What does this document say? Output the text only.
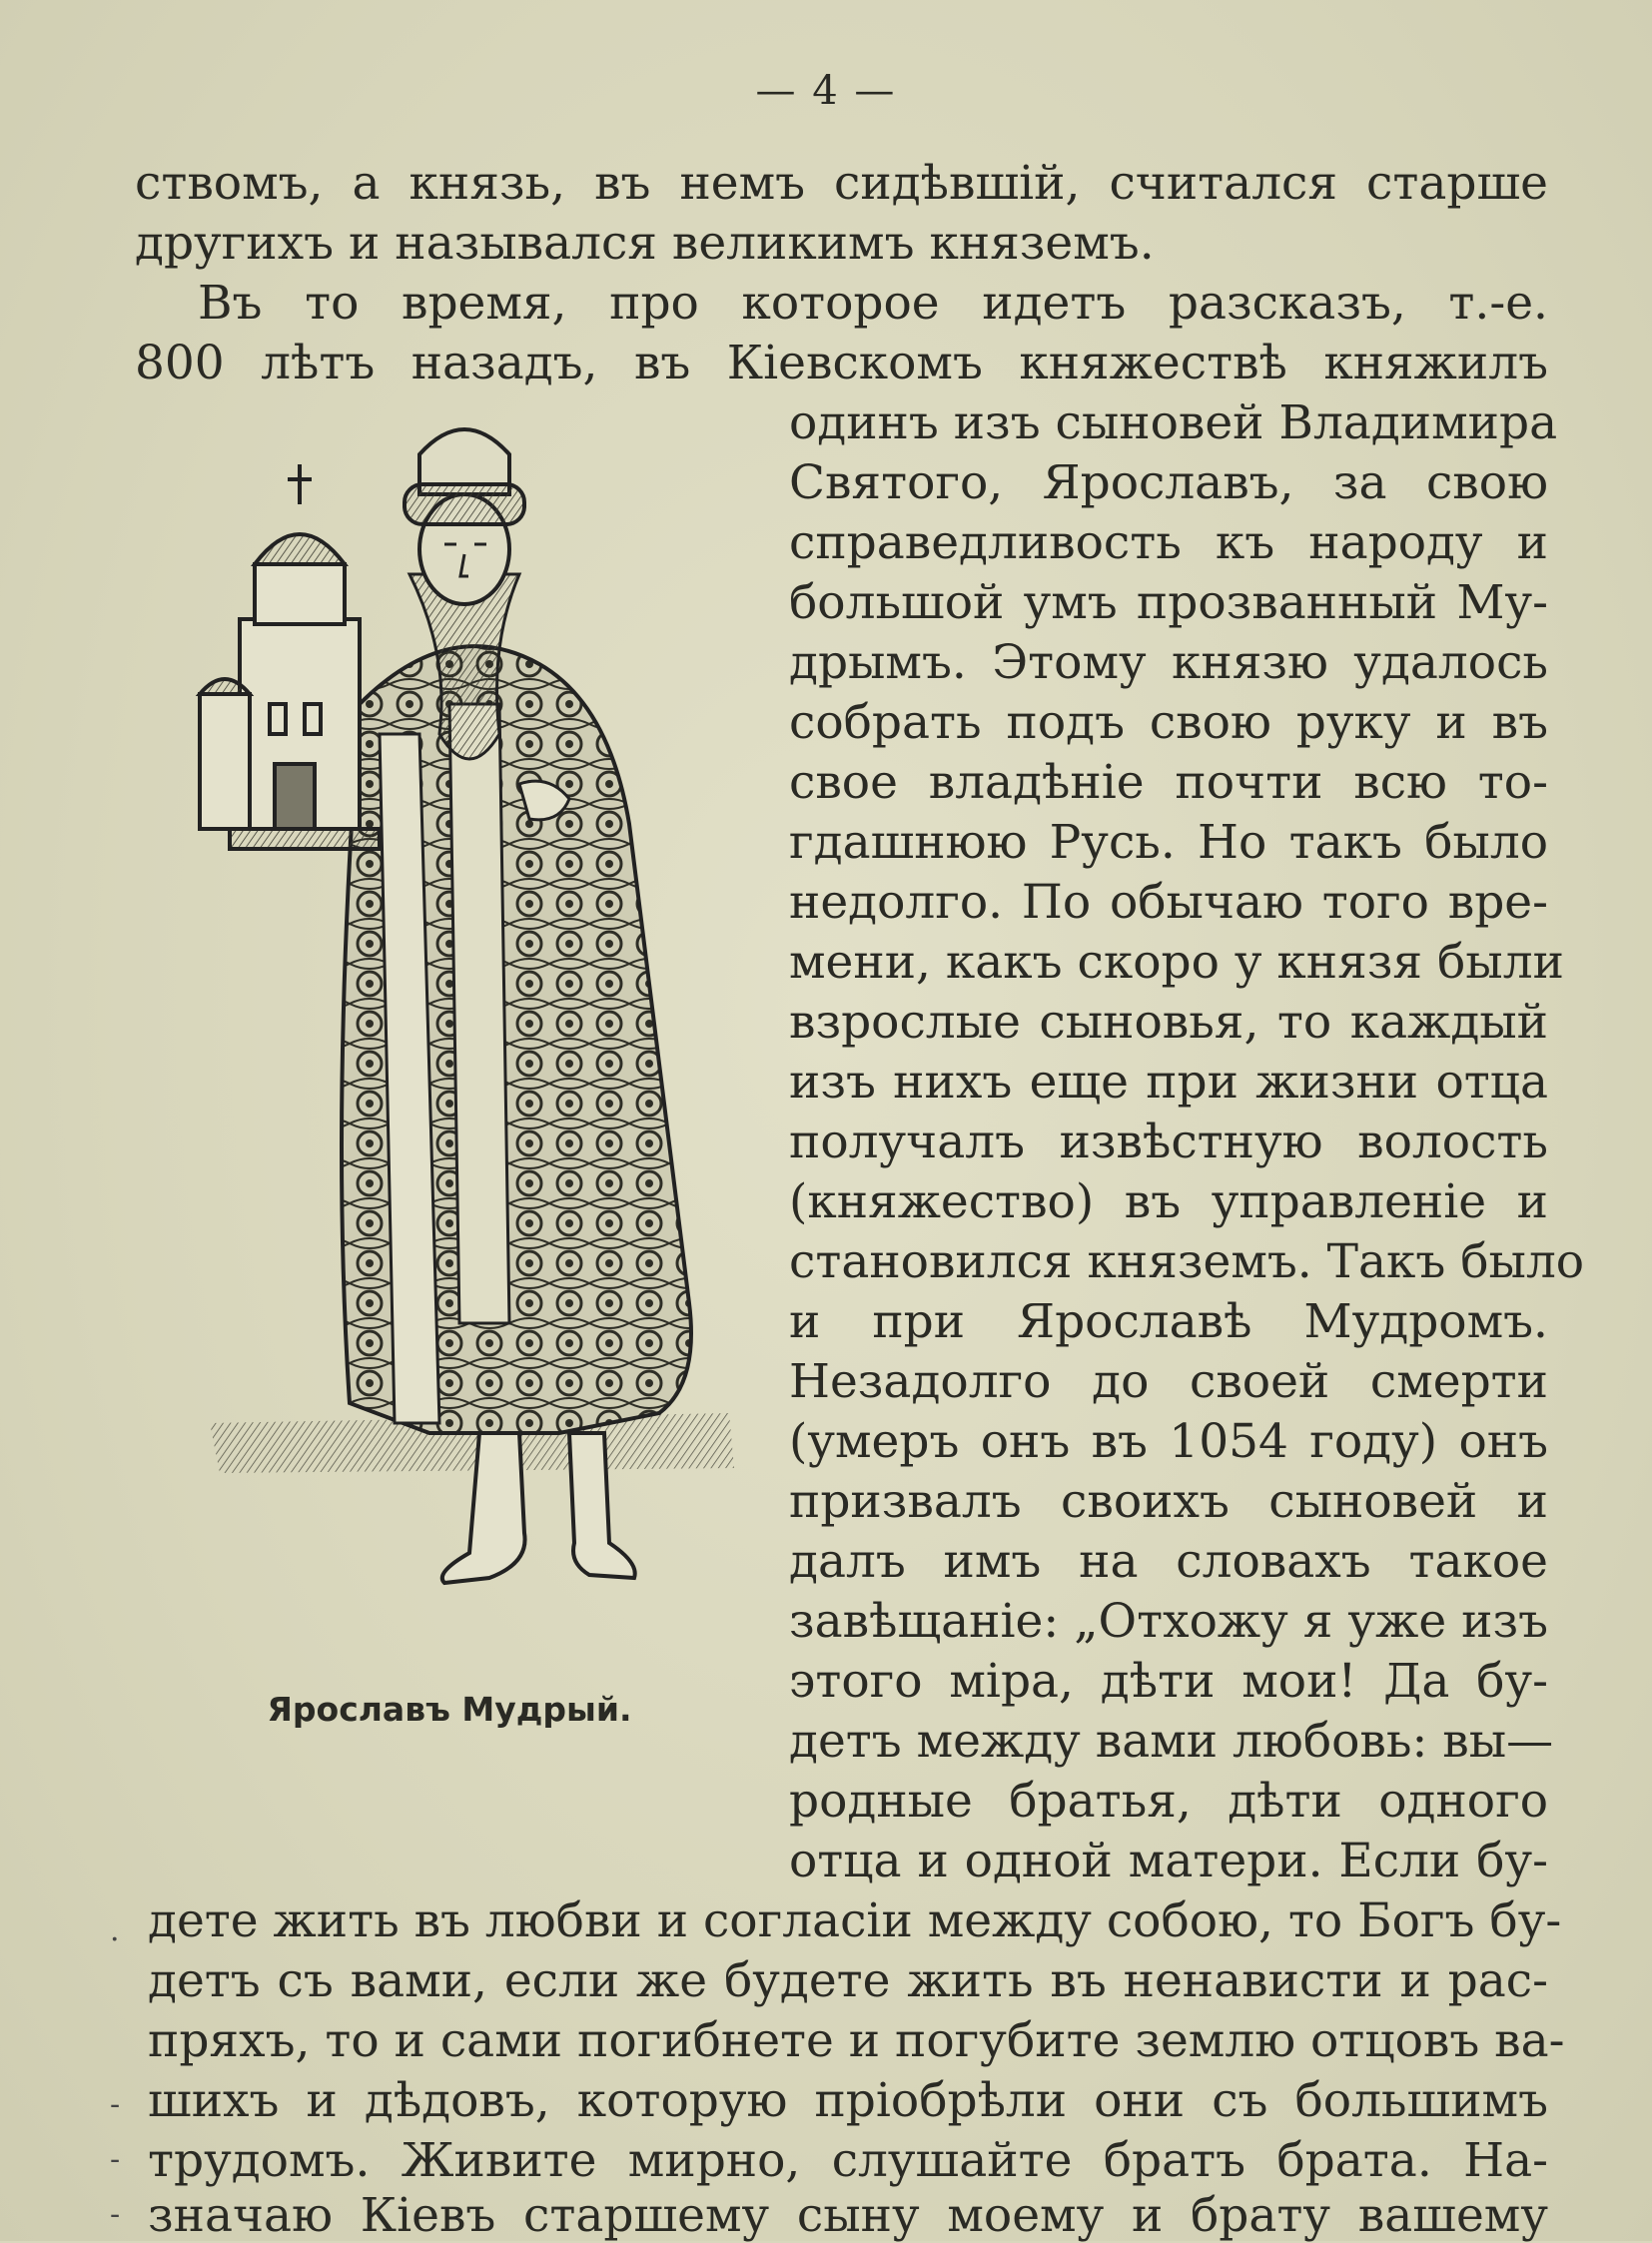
— 4 —
ствомъ, а князь, въ немъ сидѣвшій, считался старше
другихъ и назывался великимъ княземъ.
Въ то время, про которое идетъ разсказъ, т.-е.
800 лѣтъ назадъ, въ Кіевскомъ княжествѣ княжилъ
Ярославъ Мудрый.
одинъ изъ сыновей Владимира
Святого, Ярославъ, за свою
справедливость къ народу и
большой умъ прозванный Му-
дрымъ. Этому князю удалось
собрать подъ свою руку и въ
свое владѣніе почти всю то-
гдашнюю Русь. Но такъ было
недолго. По обычаю того вре-
мени, какъ скоро у князя были
взрослые сыновья, то каждый
изъ нихъ еще при жизни отца
получалъ извѣстную волость
(княжество) въ управленіе и
становился княземъ. Такъ было
и при Ярославѣ Мудромъ.
Незадолго до своей смерти
(умеръ онъ въ 1054 году) онъ
призвалъ своихъ сыновей и
далъ имъ на словахъ такое
завѣщаніе: „Отхожу я уже изъ
этого міра, дѣти мои! Да бу-
детъ между вами любовь: вы—
родные братья, дѣти одного
отца и одной матери. Если бу-
дете жить въ любви и согласіи между собою, то Богъ бу-
детъ съ вами, если же будете жить въ ненависти и рас-
пряхъ, то и сами погибнете и погубите землю отцовъ ва-
шихъ и дѣдовъ, которую пріобрѣли они съ большимъ
трудомъ. Живите мирно, слушайте братъ брата. На-
значаю Кіевъ старшему сыну моему и брату вашему
·
-
-
-
